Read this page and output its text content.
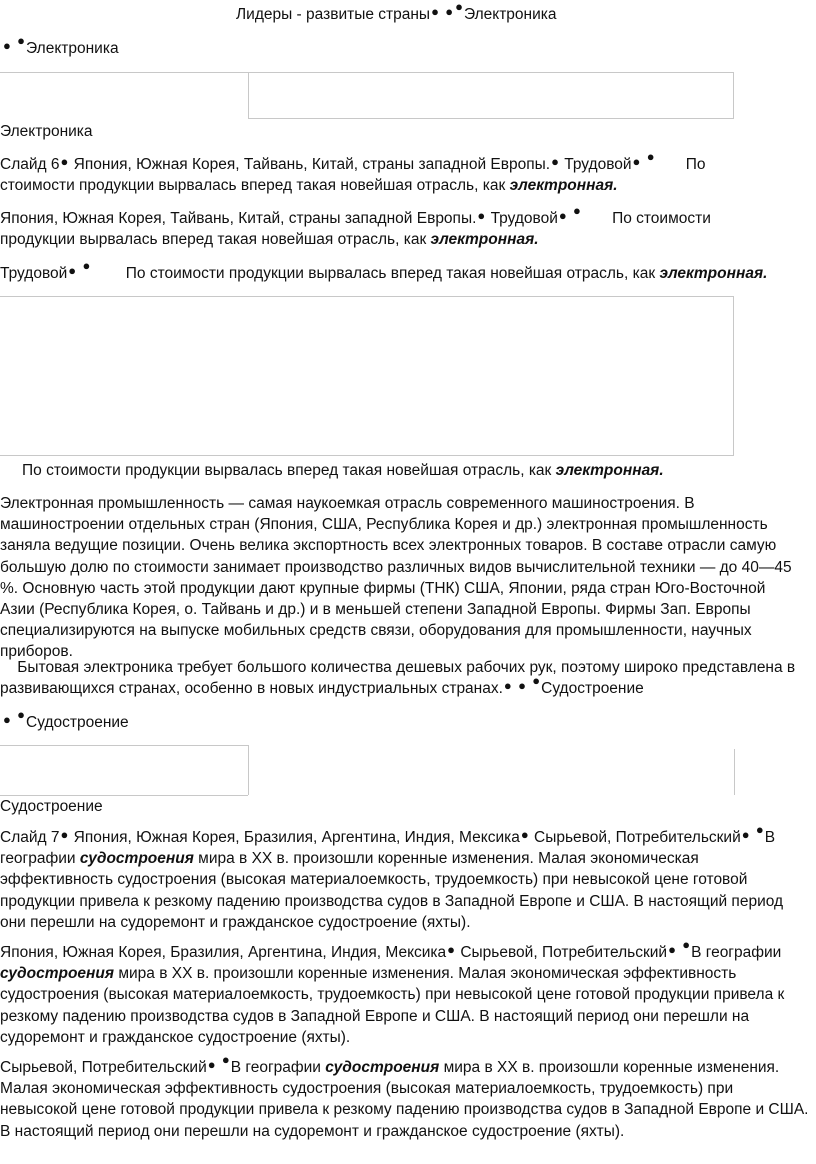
Лидеры - развитые страны● ● ●Электроника
● ●Электроника
Электроника
Слайд 6● Япония, Южная Корея, Тайвань, Китай, страны западной Европы.● Трудовой● ● По
стоимости продукции вырвалась вперед такая новейшая отрасль, как электронная.
Япония, Южная Корея, Тайвань, Китай, страны западной Европы.● Трудовой● ● По стоимости
продукции вырвалась вперед такая новейшая отрасль, как электронная.
Трудовой● ● По стоимости продукции вырвалась вперед такая новейшая отрасль, как электронная.
По стоимости продукции вырвалась вперед такая новейшая отрасль, как электронная.
Электронная промышленность — самая наукоемкая отрасль современного машиностроения. В машиностроении отдельных стран (Япония, США, Республика Корея и др.) электронная промышленность заняла ведущие позиции. Очень велика экспортность всех электронных товаров. В составе отрасли самую большую долю по стоимости занимает производство различных видов вычислительной техники — до 40—45 %. Основную часть этой продукции дают крупные фирмы (ТНК) США, Японии, ряда стран Юго-Восточной Азии (Республика Корея, о. Тайвань и др.) и в меньшей степени Западной Европы. Фирмы Зап. Европы специализируются на выпуске мобильных средств связи, оборудования для промышленности, научных приборов.
Бытовая электроника требует большого количества дешевых рабочих рук, поэтому широко представлена в развивающихся странах, особенно в новых индустриальных странах.● ● ●Судостроение
● ●Судостроение
Судостроение
Слайд 7● Япония, Южная Корея, Бразилия, Аргентина, Индия, Мексика● Сырьевой, Потребительский● ●В географии судостроения мира в XX в. произошли коренные изменения. Малая экономическая эффективность судостроения (высокая материалоемкость, трудоемкость) при невысокой цене готовой продукции привела к резкому падению производства судов в Западной Европе и США. В настоящий период они перешли на судоремонт и гражданское судостроение (яхты).
Япония, Южная Корея, Бразилия, Аргентина, Индия, Мексика● Сырьевой, Потребительский● ●В географии судостроения мира в XX в. произошли коренные изменения. Малая экономическая эффективность судостроения (высокая материалоемкость, трудоемкость) при невысокой цене готовой продукции привела к резкому падению производства судов в Западной Европе и США. В настоящий период они перешли на судоремонт и гражданское судостроение (яхты).
Сырьевой, Потребительский● ●В географии судостроения мира в XX в. произошли коренные изменения. Малая экономическая эффективность судостроения (высокая материалоемкость, трудоемкость) при невысокой цене готовой продукции привела к резкому падению производства судов в Западной Европе и США. В настоящий период они перешли на судоремонт и гражданское судостроение (яхты).
